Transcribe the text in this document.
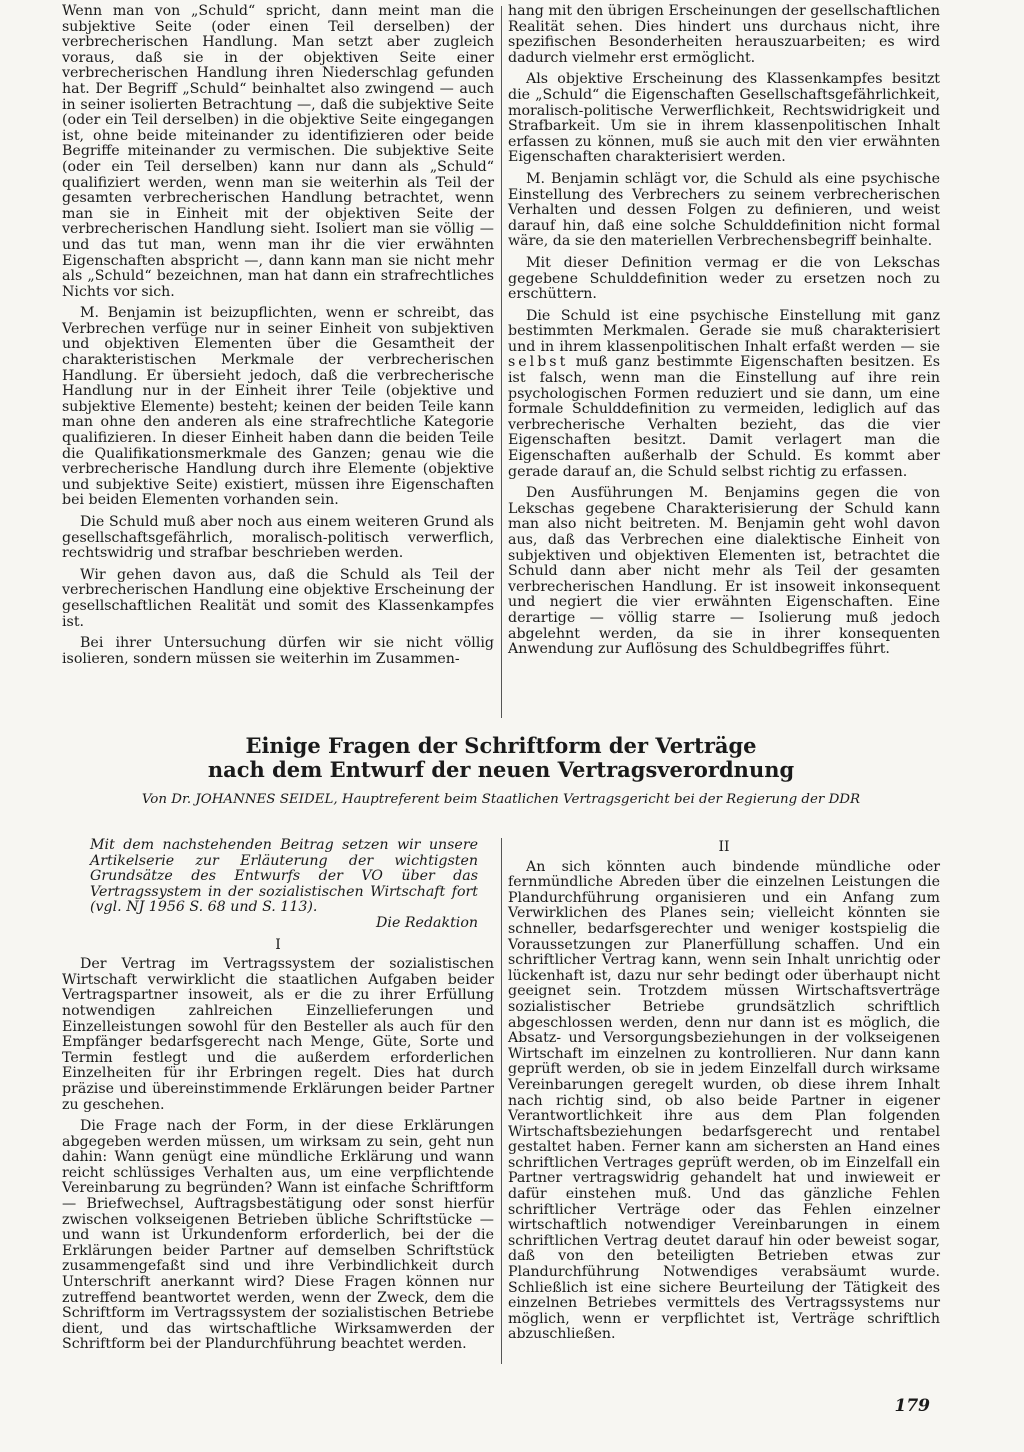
Wenn man von „Schuld“ spricht, dann meint man die subjektive Seite (oder einen Teil derselben) der verbrecherischen Handlung. Man setzt aber zugleich voraus, daß sie in der objektiven Seite einer verbrecherischen Handlung ihren Niederschlag gefunden hat. Der Begriff „Schuld“ beinhaltet also zwingend — auch in seiner isolierten Betrachtung —, daß die subjektive Seite (oder ein Teil derselben) in die objektive Seite eingegangen ist, ohne beide miteinander zu identifizieren oder beide Begriffe miteinander zu vermischen. Die subjektive Seite (oder ein Teil derselben) kann nur dann als „Schuld“ qualifiziert werden, wenn man sie weiterhin als Teil der gesamten verbrecherischen Handlung betrachtet, wenn man sie in Einheit mit der objektiven Seite der verbrecherischen Handlung sieht. Isoliert man sie völlig — und das tut man, wenn man ihr die vier erwähnten Eigenschaften abspricht —, dann kann man sie nicht mehr als „Schuld“ bezeichnen, man hat dann ein strafrechtliches Nichts vor sich.

M. Benjamin ist beizupflichten, wenn er schreibt, das Verbrechen verfüge nur in seiner Einheit von subjektiven und objektiven Elementen über die Gesamtheit der charakteristischen Merkmale der verbrecherischen Handlung. Er übersieht jedoch, daß die verbrecherische Handlung nur in der Einheit ihrer Teile (objektive und subjektive Elemente) besteht; keinen der beiden Teile kann man ohne den anderen als eine strafrechtliche Kategorie qualifizieren. In dieser Einheit haben dann die beiden Teile die Qualifikationsmerkmale des Ganzen; genau wie die verbrecherische Handlung durch ihre Elemente (objektive und subjektive Seite) existiert, müssen ihre Eigenschaften bei beiden Elementen vorhanden sein.

Die Schuld muß aber noch aus einem weiteren Grund als gesellschaftsgefährlich, moralisch-politisch verwerflich, rechtswidrig und strafbar beschrieben werden.

Wir gehen davon aus, daß die Schuld als Teil der verbrecherischen Handlung eine objektive Erscheinung der gesellschaftlichen Realität und somit des Klassenkampfes ist.

Bei ihrer Untersuchung dürfen wir sie nicht völlig isolieren, sondern müssen sie weiterhin im Zusammen-

hang mit den übrigen Erscheinungen der gesellschaftlichen Realität sehen. Dies hindert uns durchaus nicht, ihre spezifischen Besonderheiten herauszuarbeiten; es wird dadurch vielmehr erst ermöglicht.

Als objektive Erscheinung des Klassenkampfes besitzt die „Schuld“ die Eigenschaften Gesellschaftsgefährlichkeit, moralisch-politische Verwerflichkeit, Rechtswidrigkeit und Strafbarkeit. Um sie in ihrem klassenpolitischen Inhalt erfassen zu können, muß sie auch mit den vier erwähnten Eigenschaften charakterisiert werden.

M. Benjamin schlägt vor, die Schuld als eine psychische Einstellung des Verbrechers zu seinem verbrecherischen Verhalten und dessen Folgen zu definieren, und weist darauf hin, daß eine solche Schulddefinition nicht formal wäre, da sie den materiellen Verbrechensbegriff beinhalte.

Mit dieser Definition vermag er die von Lekschas gegebene Schulddefinition weder zu ersetzen noch zu erschüttern.

Die Schuld ist eine psychische Einstellung mit ganz bestimmten Merkmalen. Gerade sie muß charakterisiert und in ihrem klassenpolitischen Inhalt erfaßt werden — sie selbst muß ganz bestimmte Eigenschaften besitzen. Es ist falsch, wenn man die Einstellung auf ihre rein psychologischen Formen reduziert und sie dann, um eine formale Schulddefinition zu vermeiden, lediglich auf das verbrecherische Verhalten bezieht, das die vier Eigenschaften besitzt. Damit verlagert man die Eigenschaften außerhalb der Schuld. Es kommt aber gerade darauf an, die Schuld selbst richtig zu erfassen.

Den Ausführungen M. Benjamins gegen die von Lekschas gegebene Charakterisierung der Schuld kann man also nicht beitreten. M. Benjamin geht wohl davon aus, daß das Verbrechen eine dialektische Einheit von subjektiven und objektiven Elementen ist, betrachtet die Schuld dann aber nicht mehr als Teil der gesamten verbrecherischen Handlung. Er ist insoweit inkonsequent und negiert die vier erwähnten Eigenschaften. Eine derartige — völlig starre — Isolierung muß jedoch abgelehnt werden, da sie in ihrer konsequenten Anwendung zur Auflösung des Schuldbegriffes führt.

Einige Fragen der Schriftform der Verträge
nach dem Entwurf der neuen Vertragsverordnung
Von Dr. JOHANNES SEIDEL, Hauptreferent beim Staatlichen Vertragsgericht bei der Regierung der DDR

Mit dem nachstehenden Beitrag setzen wir unsere Artikelserie zur Erläuterung der wichtigsten Grundsätze des Entwurfs der VO über das Vertragssystem in der sozialistischen Wirtschaft fort (vgl. NJ 1956 S. 68 und S. 113).
Die Redaktion

I

Der Vertrag im Vertragssystem der sozialistischen Wirtschaft verwirklicht die staatlichen Aufgaben beider Vertragspartner insoweit, als er die zu ihrer Erfüllung notwendigen zahlreichen Einzellieferungen und Einzelleistungen sowohl für den Besteller als auch für den Empfänger bedarfsgerecht nach Menge, Güte, Sorte und Termin festlegt und die außerdem erforderlichen Einzelheiten für ihr Erbringen regelt. Dies hat durch präzise und übereinstimmende Erklärungen beider Partner zu geschehen.

Die Frage nach der Form, in der diese Erklärungen abgegeben werden müssen, um wirksam zu sein, geht nun dahin: Wann genügt eine mündliche Erklärung und wann reicht schlüssiges Verhalten aus, um eine verpflichtende Vereinbarung zu begründen? Wann ist einfache Schriftform — Briefwechsel, Auftragsbestätigung oder sonst hierfür zwischen volkseigenen Betrieben übliche Schriftstücke — und wann ist Urkundenform erforderlich, bei der die Erklärungen beider Partner auf demselben Schriftstück zusammengefaßt sind und ihre Verbindlichkeit durch Unterschrift anerkannt wird? Diese Fragen können nur zutreffend beantwortet werden, wenn der Zweck, dem die Schriftform im Vertragssystem der sozialistischen Betriebe dient, und das wirtschaftliche Wirksamwerden der Schriftform bei der Plandurchführung beachtet werden.

II

An sich könnten auch bindende mündliche oder fernmündliche Abreden über die einzelnen Leistungen die Plandurchführung organisieren und ein Anfang zum Verwirklichen des Planes sein; vielleicht könnten sie schneller, bedarfsgerechter und weniger kostspielig die Voraussetzungen zur Planerfüllung schaffen. Und ein schriftlicher Vertrag kann, wenn sein Inhalt unrichtig oder lückenhaft ist, dazu nur sehr bedingt oder überhaupt nicht geeignet sein. Trotzdem müssen Wirtschaftsverträge sozialistischer Betriebe grundsätzlich schriftlich abgeschlossen werden, denn nur dann ist es möglich, die Absatz- und Versorgungsbeziehungen in der volkseigenen Wirtschaft im einzelnen zu kontrollieren. Nur dann kann geprüft werden, ob sie in jedem Einzelfall durch wirksame Vereinbarungen geregelt wurden, ob diese ihrem Inhalt nach richtig sind, ob also beide Partner in eigener Verantwortlichkeit ihre aus dem Plan folgenden Wirtschaftsbeziehungen bedarfsgerecht und rentabel gestaltet haben. Ferner kann am sichersten an Hand eines schriftlichen Vertrages geprüft werden, ob im Einzelfall ein Partner vertragswidrig gehandelt hat und inwieweit er dafür einstehen muß. Und das gänzliche Fehlen schriftlicher Verträge oder das Fehlen einzelner wirtschaftlich notwendiger Vereinbarungen in einem schriftlichen Vertrag deutet darauf hin oder beweist sogar, daß von den beteiligten Betrieben etwas zur Plandurchführung Notwendiges verabsäumt wurde. Schließlich ist eine sichere Beurteilung der Tätigkeit des einzelnen Betriebes vermittels des Vertragssystems nur möglich, wenn er verpflichtet ist, Verträge schriftlich abzuschließen.

179
